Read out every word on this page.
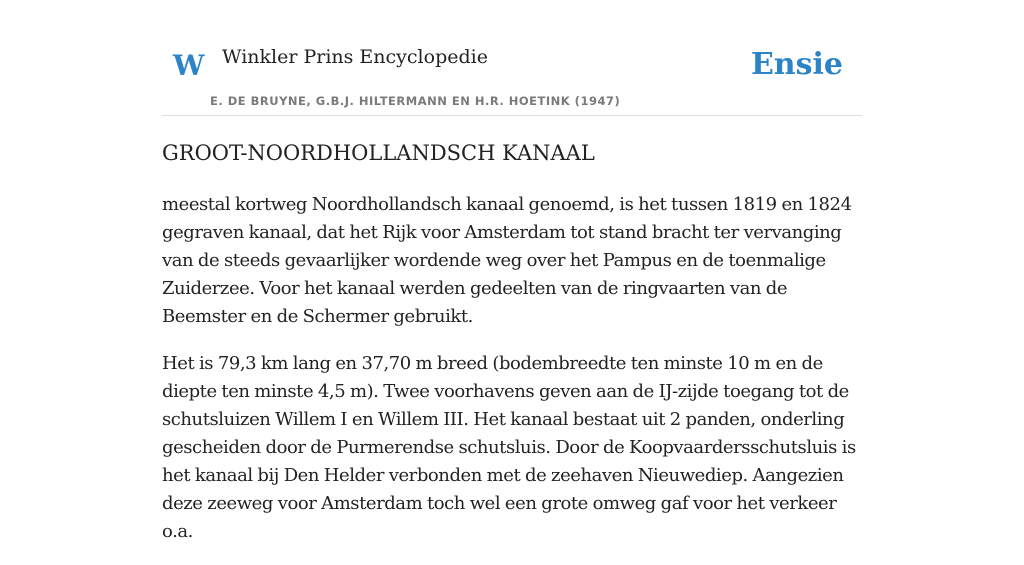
W Winkler Prins Encyclopedie
E. DE BRUYNE, G.B.J. HILTERMANN EN H.R. HOETINK (1947)
Ensie
GROOT-NOORDHOLLANDSCH KANAAL

meestal kortweg Noordhollandsch kanaal genoemd, is het tussen 1819 en 1824 gegraven kanaal, dat het Rijk voor Amsterdam tot stand bracht ter vervanging van de steeds gevaarlijker wordende weg over het Pampus en de toenmalige Zuiderzee. Voor het kanaal werden gedeelten van de ringvaarten van de Beemster en de Schermer gebruikt.

Het is 79,3 km lang en 37,70 m breed (bodembreedte ten minste 10 m en de diepte ten minste 4,5 m). Twee voorhavens geven aan de IJ-zijde toegang tot de schutsluizen Willem I en Willem III. Het kanaal bestaat uit 2 panden, onderling gescheiden door de Purmerendse schutsluis. Door de Koopvaardersschutsluis is het kanaal bij Den Helder verbonden met de zeehaven Nieuwediep. Aangezien deze zeeweg voor Amsterdam toch wel een grote omweg gaf voor het verkeer o.a.
